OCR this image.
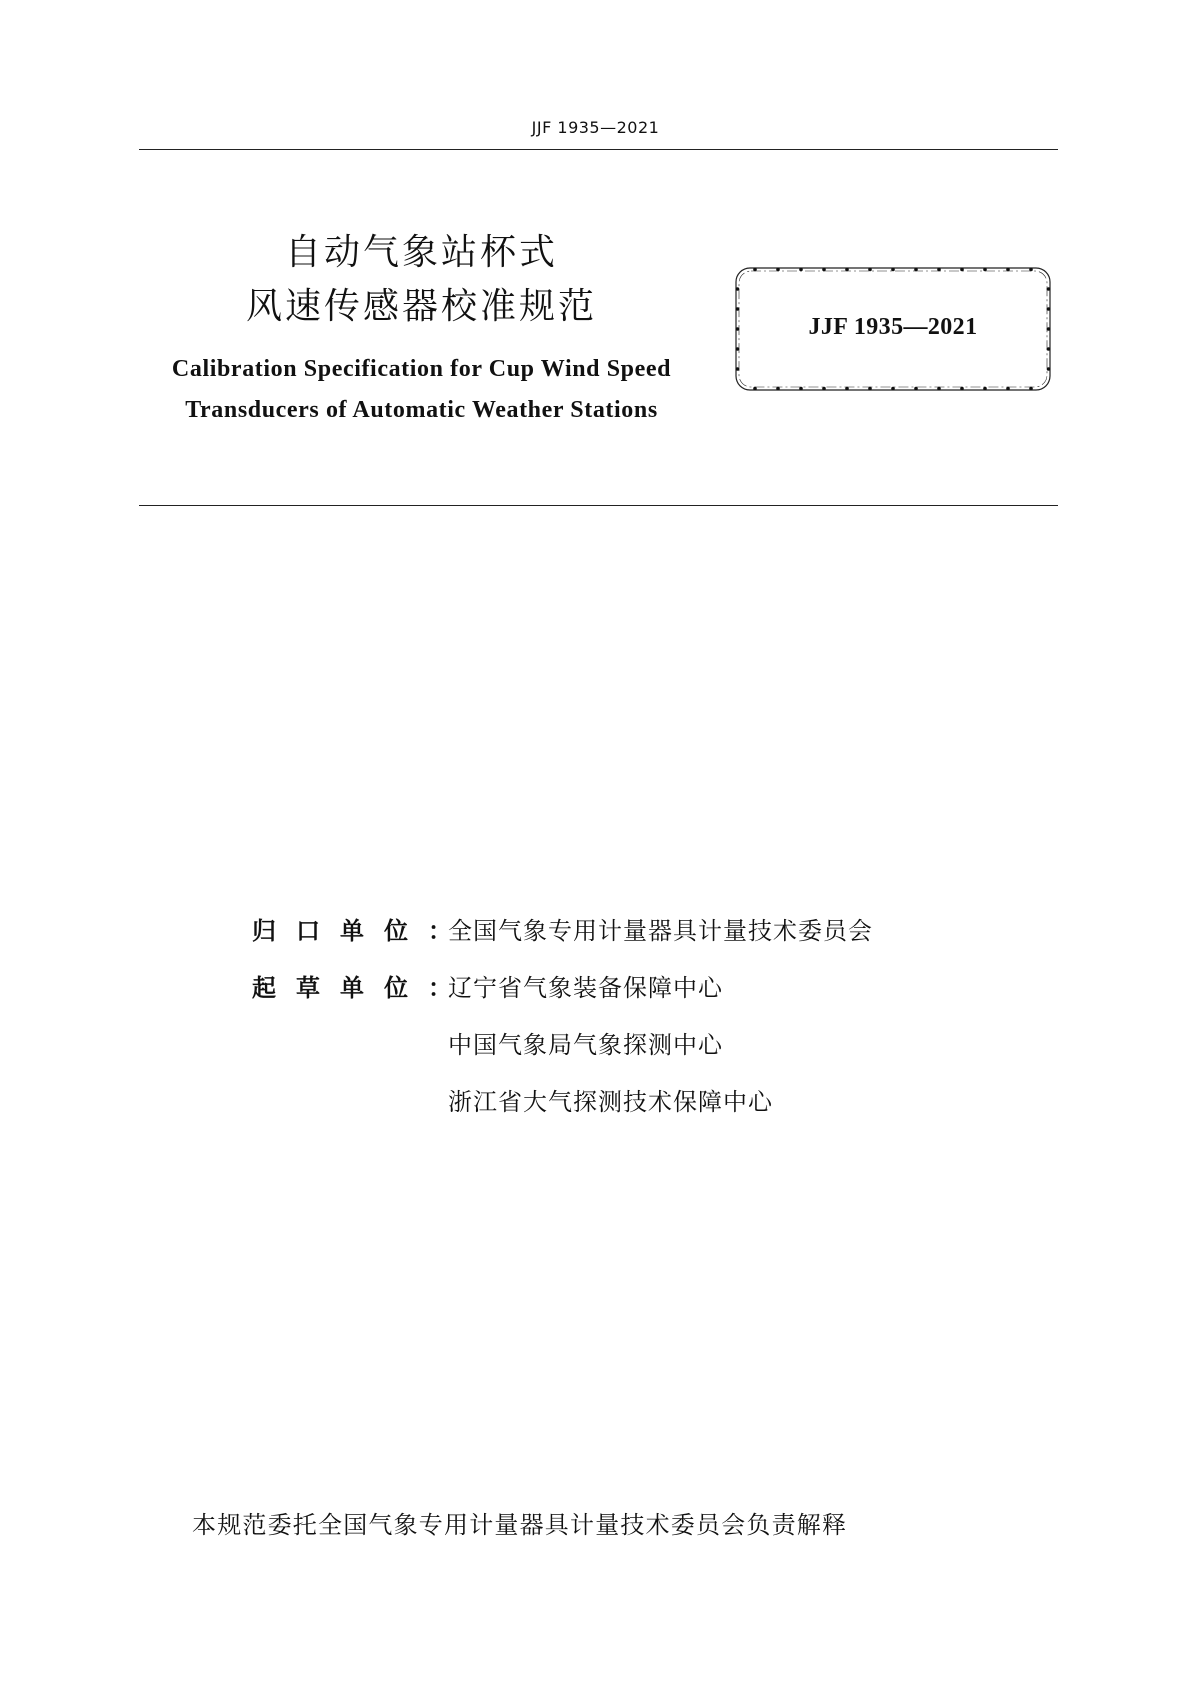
JJF 1935—2021
自动气象站杯式
风速传感器校准规范
Calibration Specification for Cup Wind Speed
Transducers of Automatic Weather Stations
JJF 1935—2021
归口单位：
全国气象专用计量器具计量技术委员会
起草单位：
辽宁省气象装备保障中心
中国气象局气象探测中心
浙江省大气探测技术保障中心
本规范委托全国气象专用计量器具计量技术委员会负责解释
